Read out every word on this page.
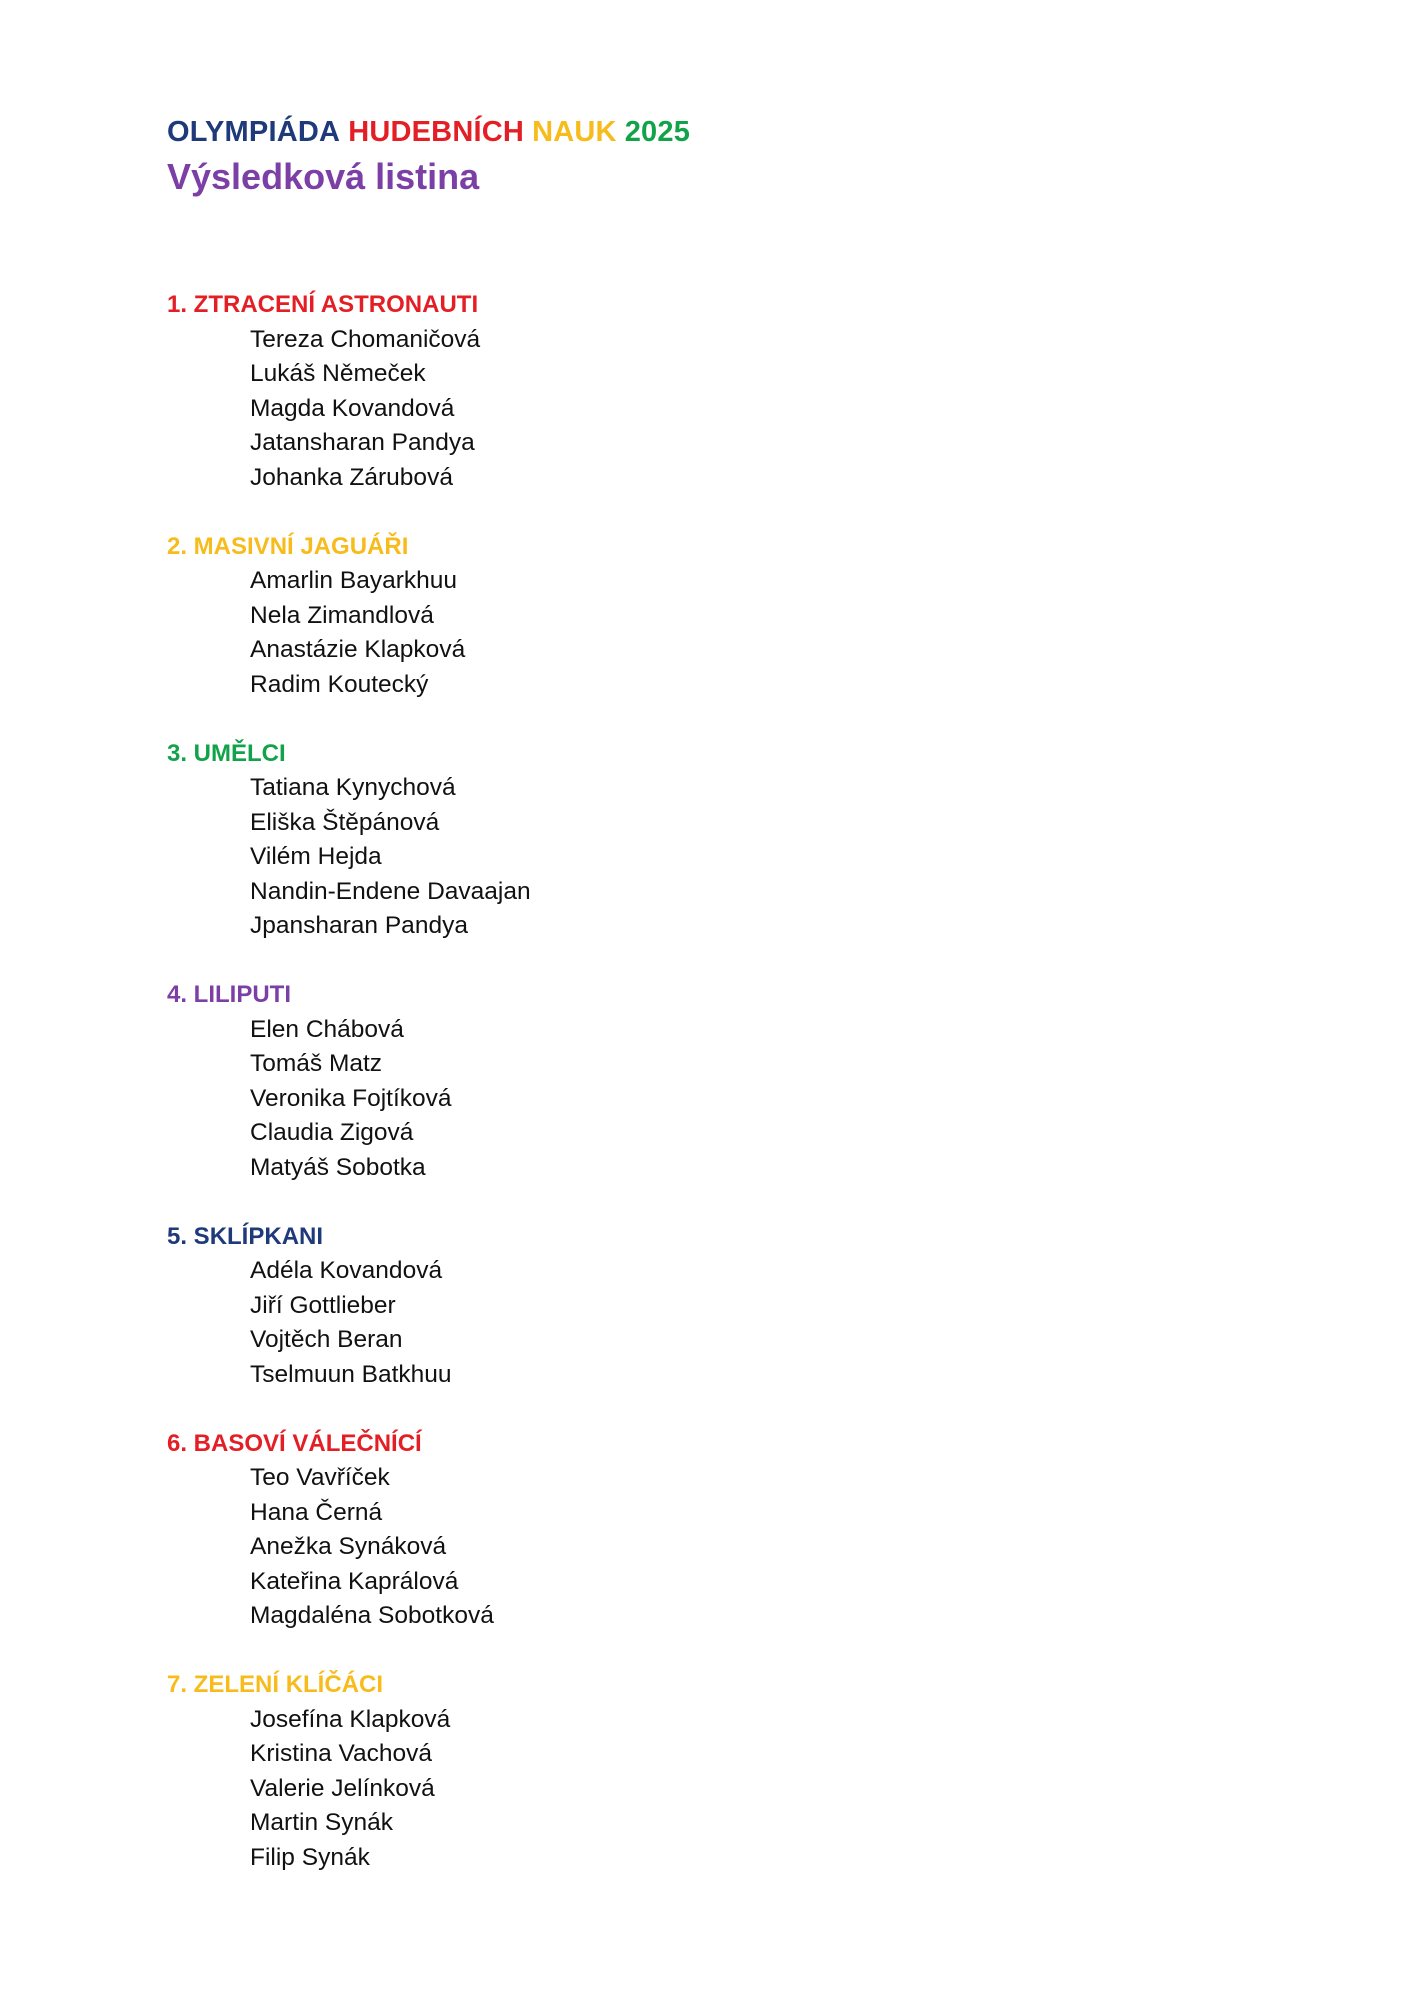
OLYMPIÁDA HUDEBNÍCH NAUK 2025
Výsledková listina
1. ZTRACENÍ ASTRONAUTI
Tereza Chomaničová
Lukáš Němeček
Magda Kovandová
Jatansharan Pandya
Johanka Zárubová
2. MASIVNÍ JAGUÁŘI
Amarlin Bayarkhuu
Nela Zimandlová
Anastázie Klapková
Radim Koutecký
3. UMĚLCI
Tatiana Kynychová
Eliška Štěpánová
Vilém Hejda
Nandin-Endene Davaajan
Jpansharan Pandya
4. LILIPUTI
Elen Chábová
Tomáš Matz
Veronika Fojtíková
Claudia Zigová
Matyáš Sobotka
5. SKLÍPKANI
Adéla Kovandová
Jiří Gottlieber
Vojtěch Beran
Tselmuun Batkhuu
6. BASOVÍ VÁLEČNÍCÍ
Teo Vavříček
Hana Černá
Anežka Synáková
Kateřina Kaprálová
Magdaléna Sobotková
7. ZELENÍ KLÍČÁCI
Josefína Klapková
Kristina Vachová
Valerie Jelínková
Martin Synák
Filip Synák
